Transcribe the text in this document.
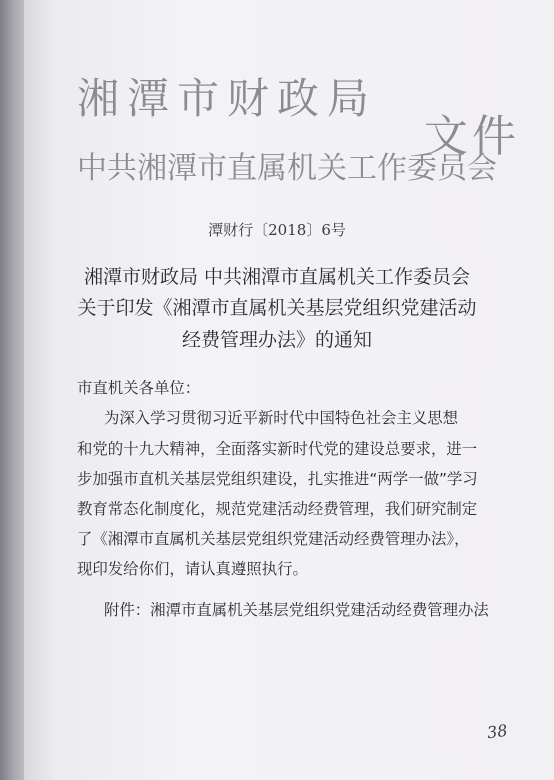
湘潭市财政局
中共湘潭市直属机关工作委员会
文件
潭财行〔2018〕6号
湘潭市财政局 中共湘潭市直属机关工作委员会
关于印发《湘潭市直属机关基层党组织党建活动
经费管理办法》的通知
市直机关各单位：
为深入学习贯彻习近平新时代中国特色社会主义思想
和党的十九大精神，全面落实新时代党的建设总要求，进一
步加强市直机关基层党组织建设，扎实推进“两学一做”学习
教育常态化制度化，规范党建活动经费管理，我们研究制定
了《湘潭市直属机关基层党组织党建活动经费管理办法》，
现印发给你们，请认真遵照执行。
附件：湘潭市直属机关基层党组织党建活动经费管理办法
38
